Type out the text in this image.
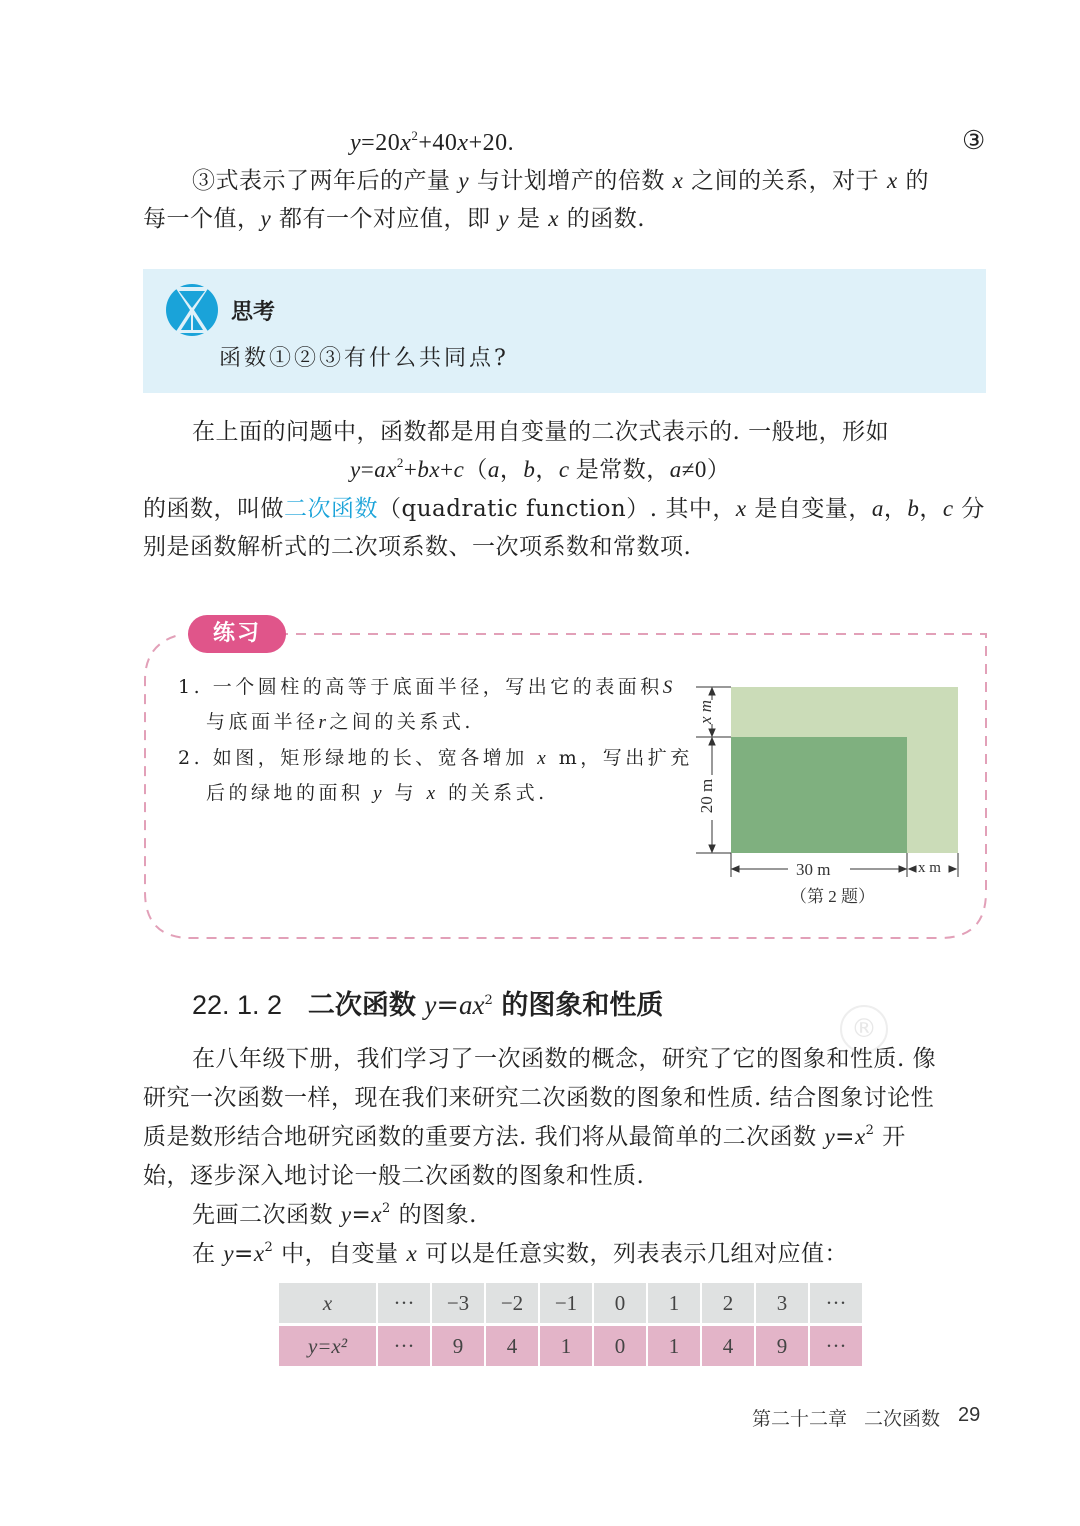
$y=20x^2+40x+20$.	③
③式表示了两年后的产量 y 与计划增产的倍数 x 之间的关系，对于 x 的
每一个值，y 都有一个对应值，即 y 是 x 的函数.
思考
函数①②③有什么共同点?
在上面的问题中，函数都是用自变量的二次式表示的. 一般地，形如
$y=ax^2+bx+c(a$，b，c 是常数，a≠0）
的函数，叫做二次函数（quadratic function）. 其中，x 是自变量，a，b，c 分
别是函数解析式的二次项系数、一次项系数和常数项.
练习
1. 一个圆柱的高等于底面半径，写出它的表面积S
与底面半径r之间的关系式.
2. 如图，矩形绿地的长、宽各增加 x m，写出扩充
后的绿地的面积 y 与 x 的关系式.
x m
20 m
30 m	x m
（第 2 题）
22. 1. 2 二次函数 $y=ax^2$ 的图象和性质
®
在八年级下册，我们学习了一次函数的概念，研究了它的图象和性质. 像
研究一次函数一样，现在我们来研究二次函数的图象和性质. 结合图象讨论性
质是数形结合地研究函数的重要方法. 我们将从最简单的二次函数 $y=x^2$ 开
始，逐步深入地讨论一般二次函数的图象和性质.
先画二次函数 $y=x^2$ 的图象.
在 $y=x^2$ 中，自变量 x 可以是任意实数，列表表示几组对应值：
x	···	−3	−2	−1	0	1	2	3	···
y=x²	···	9	4	1	0	1	4	9	···
第二十二章 二次函数 29
